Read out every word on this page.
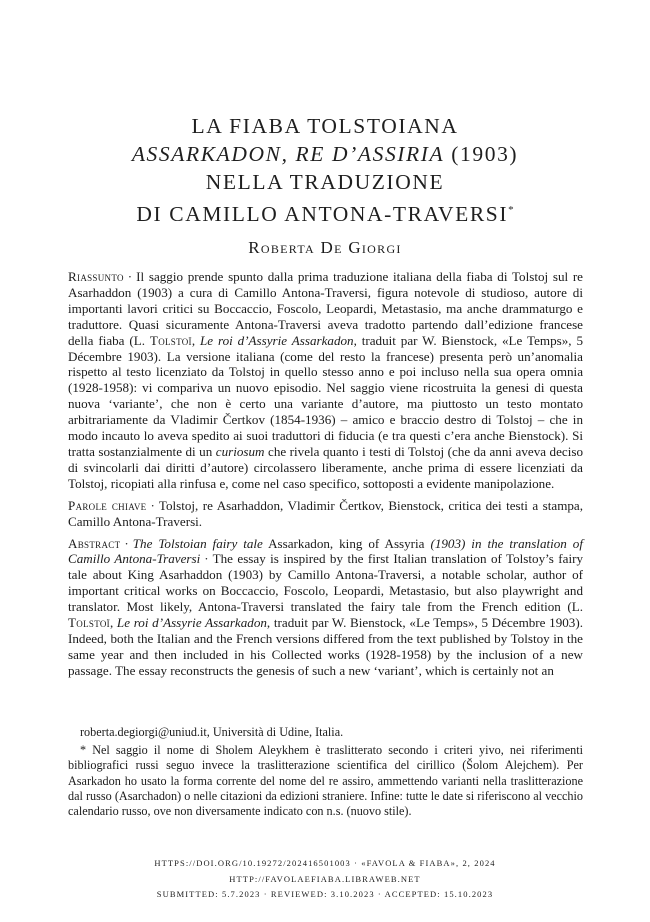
LA FIABA TOLSTOIANA
ASSARKADON, RE D’ASSIRIA (1903)
NELLA TRADUZIONE
DI CAMILLO ANTONA-TRAVERSI*
Roberta De Giorgi

Riassunto · Il saggio prende spunto dalla prima traduzione italiana della fiaba di Tolstoj sul re Asarhaddon (1903) a cura di Camillo Antona-Traversi, figura notevole di studioso, autore di importanti lavori critici su Boccaccio, Foscolo, Leopardi, Metastasio, ma anche drammaturgo e traduttore. Quasi sicuramente Antona-Traversi aveva tradotto partendo dall’edizione francese della fiaba (L. Tolstoï, Le roi d’Assyrie Assarkadon, traduit par W. Bienstock, «Le Temps», 5 Décembre 1903). La versione italiana (come del resto la francese) presenta però un’anomalia rispetto al testo licenziato da Tolstoj in quello stesso anno e poi incluso nella sua opera omnia (1928-1958): vi compariva un nuovo episodio. Nel saggio viene ricostruita la genesi di questa nuova ‘variante’, che non è certo una variante d’autore, ma piuttosto un testo montato arbitrariamente da Vladimir Čertkov (1854-1936) – amico e braccio destro di Tolstoj – che in modo incauto lo aveva spedito ai suoi traduttori di fiducia (e tra questi c’era anche Bienstock). Si tratta sostanzialmente di un curiosum che rivela quanto i testi di Tolstoj (che da anni aveva deciso di svincolarli dai diritti d’autore) circolassero liberamente, anche prima di essere licenziati da Tolstoj, ricopiati alla rinfusa e, come nel caso specifico, sottoposti a evidente manipolazione.

Parole chiave · Tolstoj, re Asarhaddon, Vladimir Čertkov, Bienstock, critica dei testi a stampa, Camillo Antona-Traversi.

Abstract · The Tolstoian fairy tale Assarkadon, king of Assyria (1903) in the translation of Camillo Antona-Traversi · The essay is inspired by the first Italian translation of Tolstoy’s fairy tale about King Asarhaddon (1903) by Camillo Antona-Traversi, a notable scholar, author of important critical works on Boccaccio, Foscolo, Leopardi, Metastasio, but also playwright and translator. Most likely, Antona-Traversi translated the fairy tale from the French edition (L. Tolstoï, Le roi d’Assyrie Assarkadon, traduit par W. Bienstock, «Le Temps», 5 Décembre 1903). Indeed, both the Italian and the French versions differed from the text published by Tolstoy in the same year and then included in his Collected works (1928-1958) by the inclusion of a new passage. The essay reconstructs the genesis of such a new ‘variant’, which is certainly not an

roberta.degiorgi@uniud.it, Università di Udine, Italia.

* Nel saggio il nome di Sholem Aleykhem è traslitterato secondo i criteri yivo, nei riferimenti bibliografici russi seguo invece la traslitterazione scientifica del cirillico (Šolom Alejchem). Per Asarkadon ho usato la forma corrente del nome del re assiro, ammettendo varianti nella traslitterazione dal russo (Asarchadon) o nelle citazioni da edizioni straniere. Infine: tutte le date si riferiscono al vecchio calendario russo, ove non diversamente indicato con n.s. (nuovo stile).

HTTPS://DOI.ORG/10.19272/202416501003 · «FAVOLA & FIABA», 2, 2024
HTTP://FAVOLAEFIABA.LIBRAWEB.NET
SUBMITTED: 5.7.2023 · REVIEWED: 3.10.2023 · ACCEPTED: 15.10.2023
